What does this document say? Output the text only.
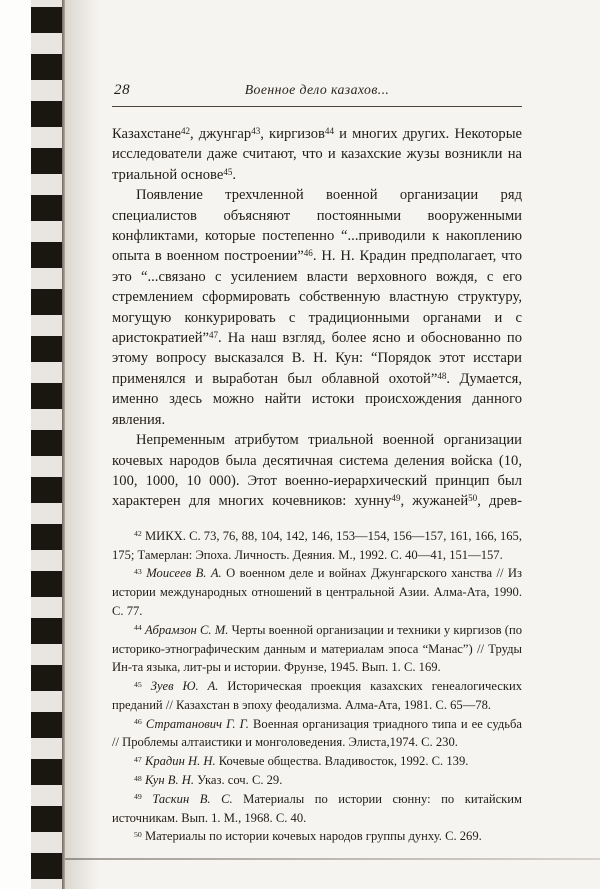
28	Военное дело казахов...

Казахстане$^{42}$, джунгар$^{43}$, киргизов$^{44}$ и многих других. Некоторые исследователи даже считают, что и казахские жузы возникли на триальной основе$^{45}$.

Появление трехчленной военной организации ряд специалистов объясняют постоянными вооруженными конфликтами, которые постепенно “...приводили к накоплению опыта в военном построении”$^{46}$. Н. Н. Крадин предполагает, что это “...связано с усилением власти верховного вождя, с его стремлением сформировать собственную властную структуру, могущую конкурировать с традиционными органами и с аристократией”$^{47}$. На наш взгляд, более ясно и обоснованно по этому вопросу высказался В. Н. Кун: “Порядок этот исстари применялся и выработан был облавной охотой”$^{48}$. Думается, именно здесь можно найти истоки происхождения данного явления.

Непременным атрибутом триальной военной организации кочевых народов была десятичная система деления войска (10, 100, 1000, 10 000). Этот военно-иерархический принцип был характерен для многих кочевников: хунну$^{49}$, жужаней$^{50}$, древ-

$^{42}$ МИКХ. С. 73, 76, 88, 104, 142, 146, 153—154, 156—157, 161, 166, 165, 175; Тамерлан: Эпоха. Личность. Деяния. М., 1992. С. 40—41, 151—157.

$^{43}$ Моисеев В. А. О военном деле и войнах Джунгарского ханства // Из истории международных отношений в центральной Азии. Алма-Ата, 1990. С. 77.

$^{44}$ Абрамзон С. М. Черты военной организации и техники у киргизов (по историко-этнографическим данным и материалам эпоса “Манас”) // Труды Ин-та языка, лит-ры и истории. Фрунзе, 1945. Вып. 1. С. 169.

$^{45}$ Зуев Ю. А. Историческая проекция казахских генеалогических преданий // Казахстан в эпоху феодализма. Алма-Ата, 1981. С. 65—78.

$^{46}$ Стратанович Г. Г. Военная организация триадного типа и ее судьба // Проблемы алтаистики и монголоведения. Элиста,1974. С. 230.

$^{47}$ Крадин Н. Н. Кочевые общества. Владивосток, 1992. С. 139.

$^{48}$ Кун В. Н. Указ. соч. С. 29.

$^{49}$ Таскин В. С. Материалы по истории сюнну: по китайским источникам. Вып. 1. М., 1968. С. 40.

$^{50}$ Материалы по истории кочевых народов группы дунху. С. 269.
